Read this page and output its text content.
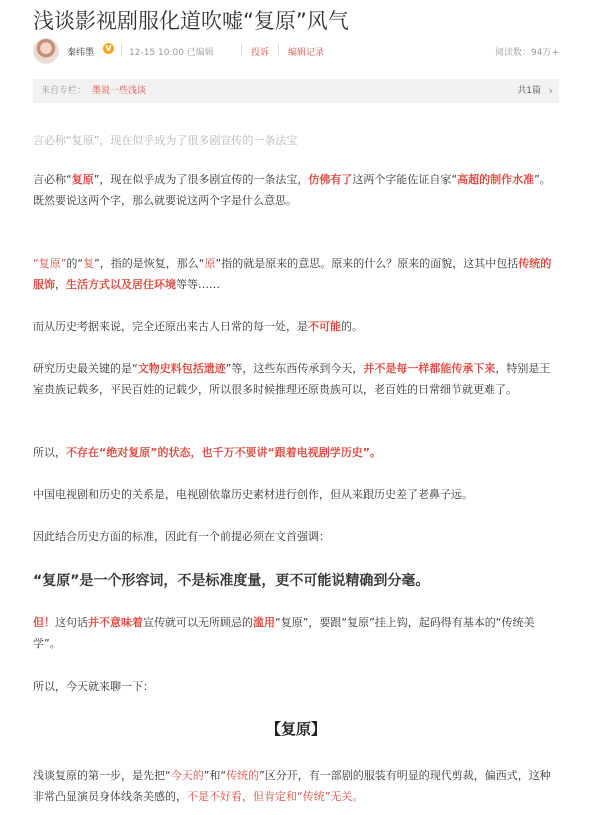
浅谈影视剧服化道吹嘘“复原”风气
秦纬墨 V 12-15 10:00 已编辑	投诉 编辑记录	阅读数：94万+
来自专栏： 墨说一些浅谈	共1篇 ›

言必称“复原”，现在似乎成为了很多剧宣传的一条法宝

言必称“复原”，现在似乎成为了很多剧宣传的一条法宝，仿佛有了这两个字能佐证自家“高超的制作水准”。
既然要说这两个字，那么就要说这两个字是什么意思。

“复原”的“复”，指的是恢复，那么“原”指的就是原来的意思。原来的什么？原来的面貌，这其中包括传统的服饰，生活方式以及居住环境等等……

而从历史考据来说，完全还原出来古人日常的每一处，是不可能的。

研究历史最关键的是“文物史料包括遗迹”等，这些东西传承到今天，并不是每一样都能传承下来，特别是王室贵族记载多，平民百姓的记载少，所以很多时候推理还原贵族可以，老百姓的日常细节就更难了。

所以，不存在“绝对复原”的状态，也千万不要讲“跟着电视剧学历史”。

中国电视剧和历史的关系是，电视剧依靠历史素材进行创作，但从来跟历史差了老鼻子远。

因此结合历史方面的标准，因此有一个前提必须在文首强调：

“复原”是一个形容词，不是标准度量，更不可能说精确到分毫。

但！这句话并不意味着宣传就可以无所顾忌的滥用“复原”，要跟“复原”挂上钩，起码得有基本的“传统美学”。

所以，今天就来聊一下：

【复原】

浅谈复原的第一步，是先把“今天的”和“传统的”区分开，有一部剧的服装有明显的现代剪裁，偏西式，这种非常凸显演员身体线条美感的，不是不好看，但肯定和“传统”无关。
